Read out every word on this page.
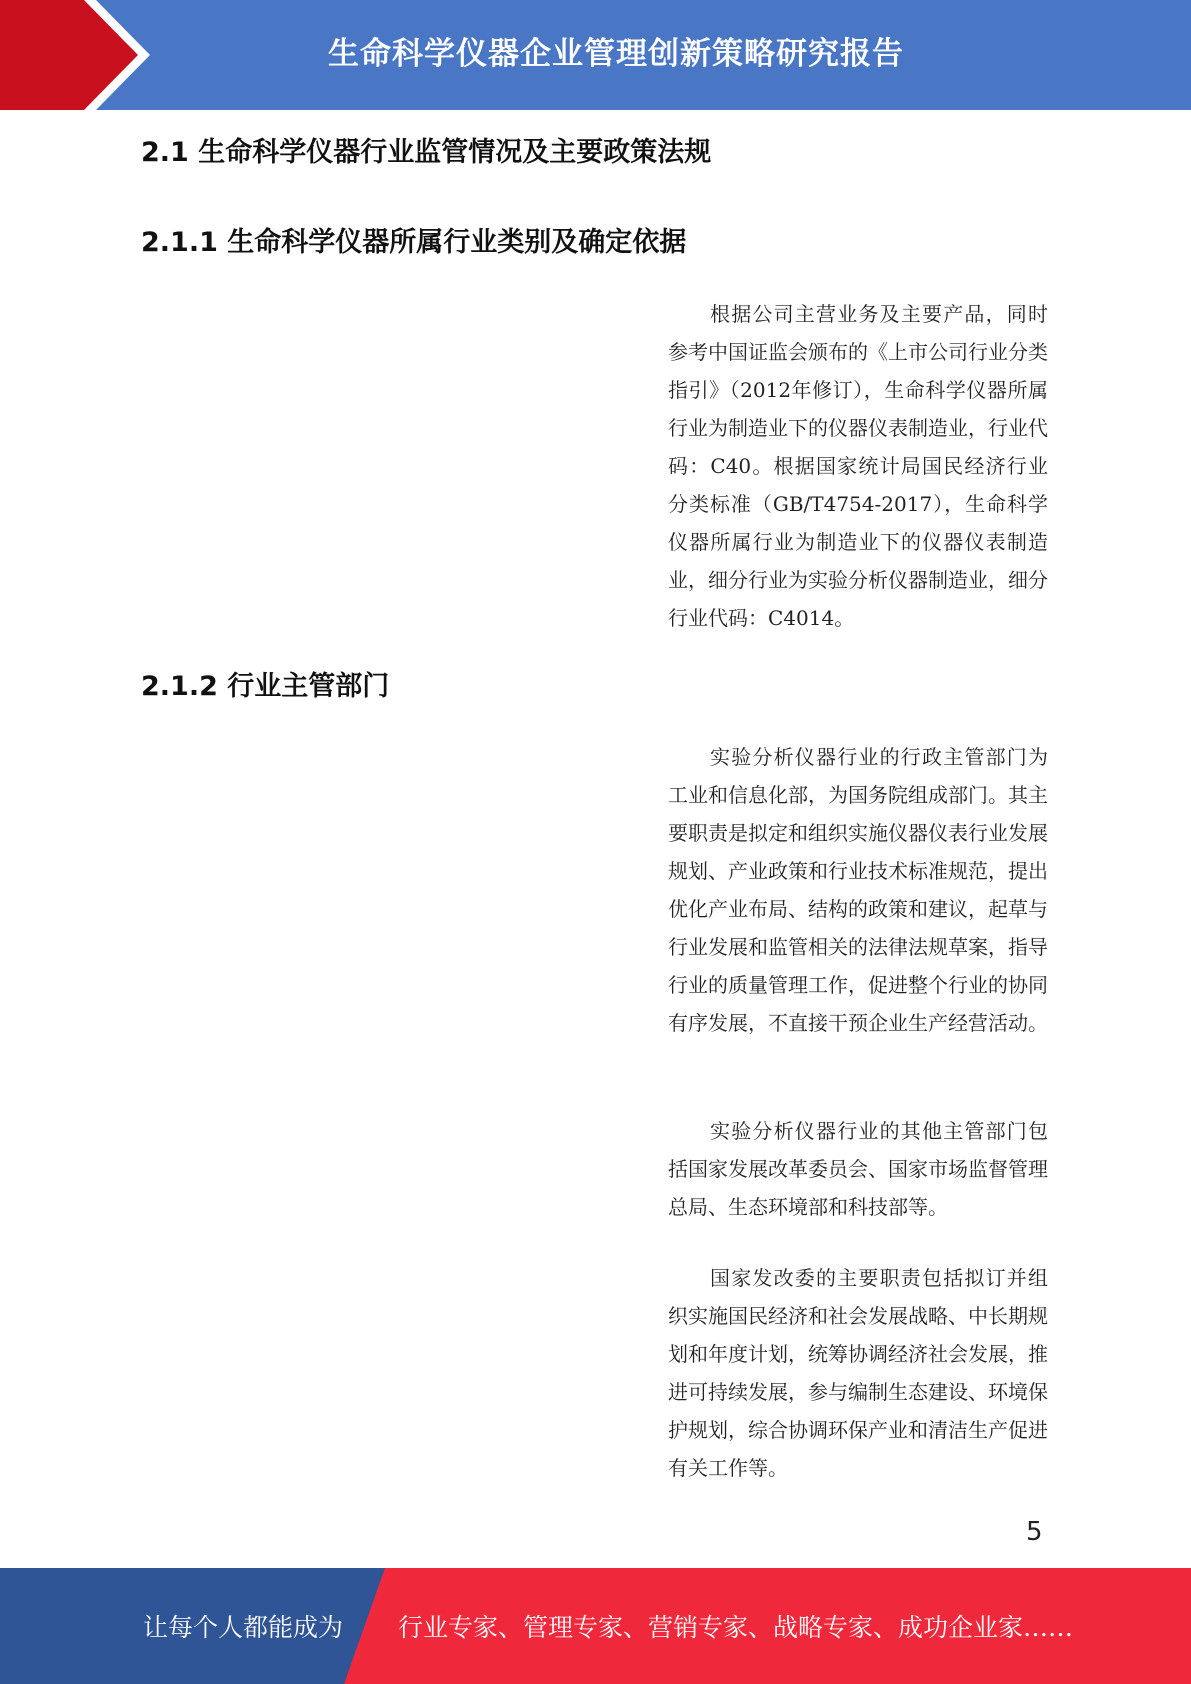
生命科学仪器企业管理创新策略研究报告
2.1 生命科学仪器行业监管情况及主要政策法规
2.1.1 生命科学仪器所属行业类别及确定依据

根据公司主营业务及主要产品，同时参考中国证监会颁布的《上市公司行业分类指引》（2012年修订），生命科学仪器所属行业为制造业下的仪器仪表制造业，行业代码：C40。根据国家统计局国民经济行业分类标准（GB/T4754-2017），生命科学仪器所属行业为制造业下的仪器仪表制造业，细分行业为实验分析仪器制造业，细分行业代码：C4014。

2.1.2 行业主管部门

实验分析仪器行业的行政主管部门为工业和信息化部，为国务院组成部门。其主要职责是拟定和组织实施仪器仪表行业发展规划、产业政策和行业技术标准规范，提出优化产业布局、结构的政策和建议，起草与行业发展和监管相关的法律法规草案，指导行业的质量管理工作，促进整个行业的协同有序发展，不直接干预企业生产经营活动。

实验分析仪器行业的其他主管部门包括国家发展改革委员会、国家市场监督管理总局、生态环境部和科技部等。

国家发改委的主要职责包括拟订并组织实施国民经济和社会发展战略、中长期规划和年度计划，统筹协调经济社会发展，推进可持续发展，参与编制生态建设、环境保护规划，综合协调环保产业和清洁生产促进有关工作等。

5
让每个人都能成为 行业专家、管理专家、营销专家、战略专家、成功企业家……
